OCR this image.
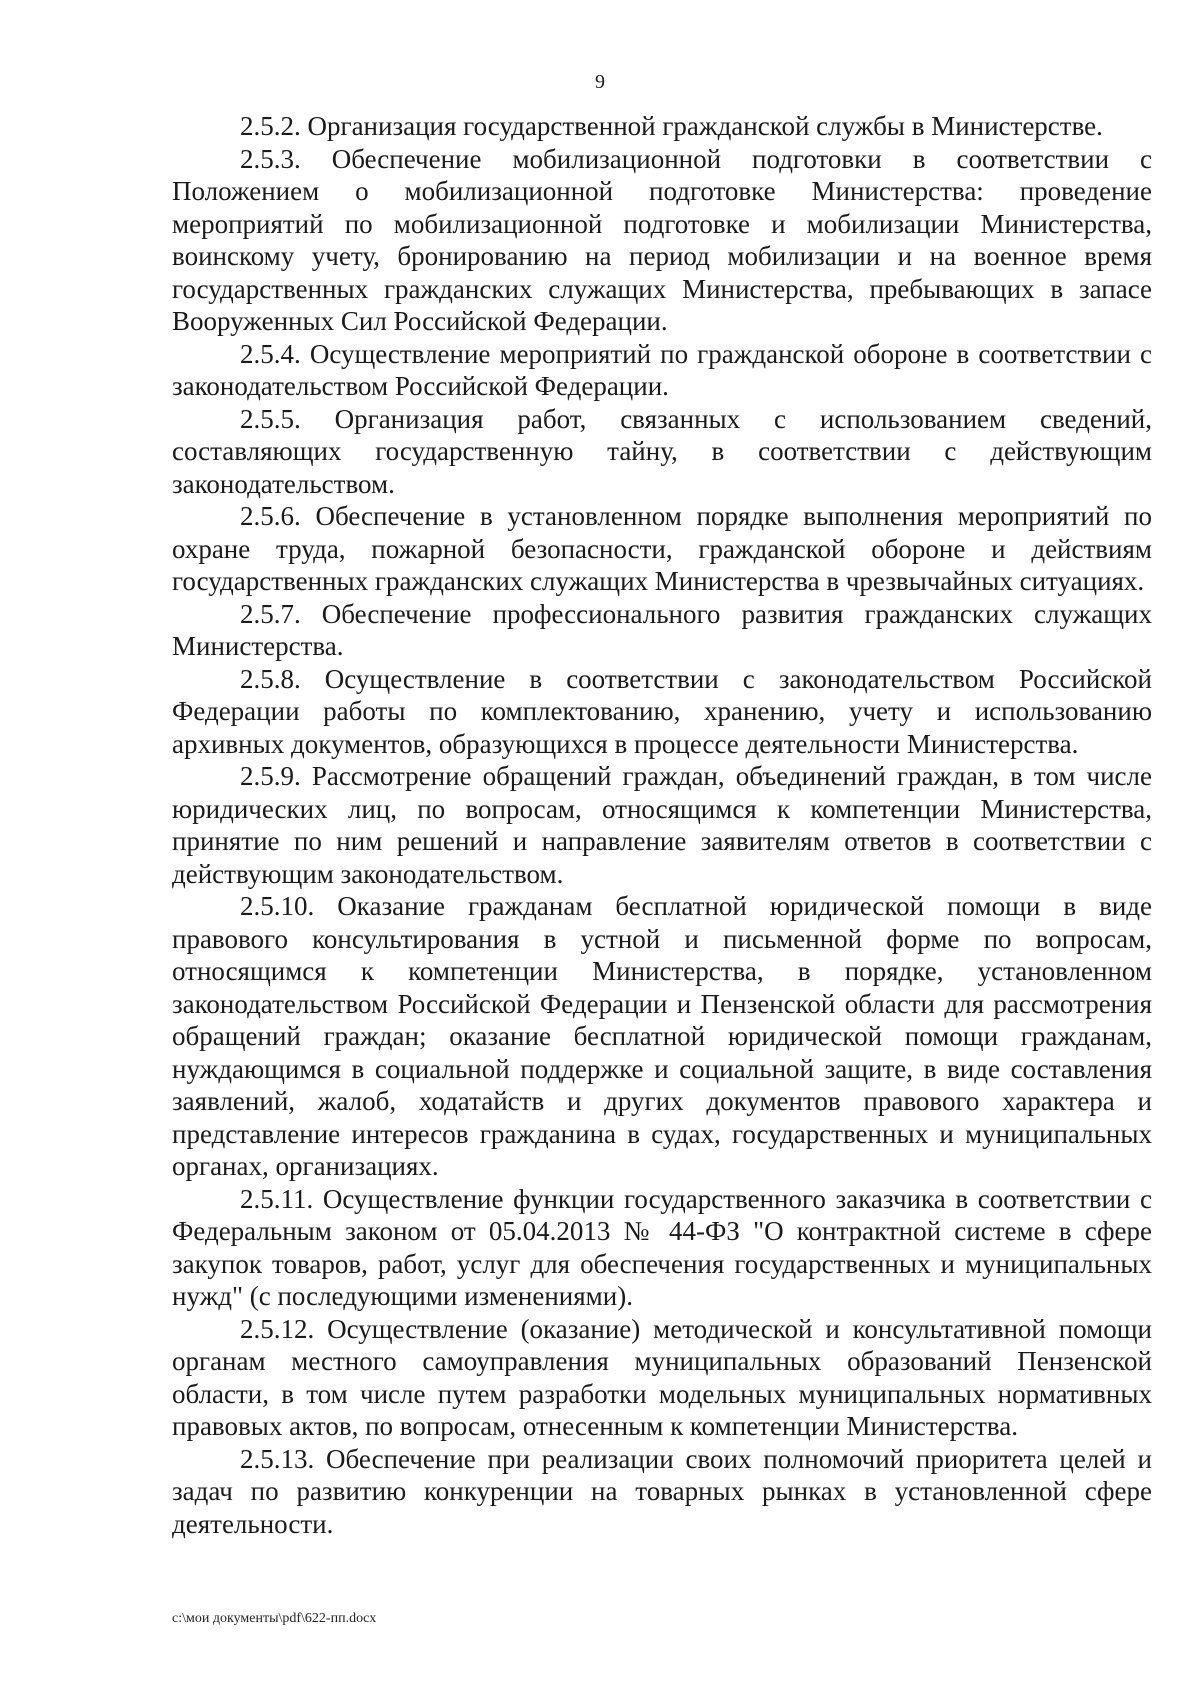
9

2.5.2. Организация государственной гражданской службы в Министерстве.

2.5.3. Обеспечение мобилизационной подготовки в соответствии с Положением о мобилизационной подготовке Министерства: проведение мероприятий по мобилизационной подготовке и мобилизации Министерства, воинскому учету, бронированию на период мобилизации и на военное время государственных гражданских служащих Министерства, пребывающих в запасе Вооруженных Сил Российской Федерации.

2.5.4. Осуществление мероприятий по гражданской обороне в соответствии с законодательством Российской Федерации.

2.5.5. Организация работ, связанных с использованием сведений, составляющих государственную тайну, в соответствии с действующим законодательством.

2.5.6. Обеспечение в установленном порядке выполнения мероприятий по охране труда, пожарной безопасности, гражданской обороне и действиям государственных гражданских служащих Министерства в чрезвычайных ситуациях.

2.5.7. Обеспечение профессионального развития гражданских служащих Министерства.

2.5.8. Осуществление в соответствии с законодательством Российской Федерации работы по комплектованию, хранению, учету и использованию архивных документов, образующихся в процессе деятельности Министерства.

2.5.9. Рассмотрение обращений граждан, объединений граждан, в том числе юридических лиц, по вопросам, относящимся к компетенции Министерства, принятие по ним решений и направление заявителям ответов в соответствии с действующим законодательством.

2.5.10. Оказание гражданам бесплатной юридической помощи в виде правового консультирования в устной и письменной форме по вопросам, относящимся к компетенции Министерства, в порядке, установленном законодательством Российской Федерации и Пензенской области для рассмотрения обращений граждан; оказание бесплатной юридической помощи гражданам, нуждающимся в социальной поддержке и социальной защите, в виде составления заявлений, жалоб, ходатайств и других документов правового характера и представление интересов гражданина в судах, государственных и муниципальных органах, организациях.

2.5.11. Осуществление функции государственного заказчика в соответствии с Федеральным законом от 05.04.2013 № 44-ФЗ "О контрактной системе в сфере закупок товаров, работ, услуг для обеспечения государственных и муниципальных нужд" (с последующими изменениями).

2.5.12. Осуществление (оказание) методической и консультативной помощи органам местного самоуправления муниципальных образований Пензенской области, в том числе путем разработки модельных муниципальных нормативных правовых актов, по вопросам, отнесенным к компетенции Министерства.

2.5.13. Обеспечение при реализации своих полномочий приоритета целей и задач по развитию конкуренции на товарных рынках в установленной сфере деятельности.

c:\мои документы\pdf\622-пп.docx
